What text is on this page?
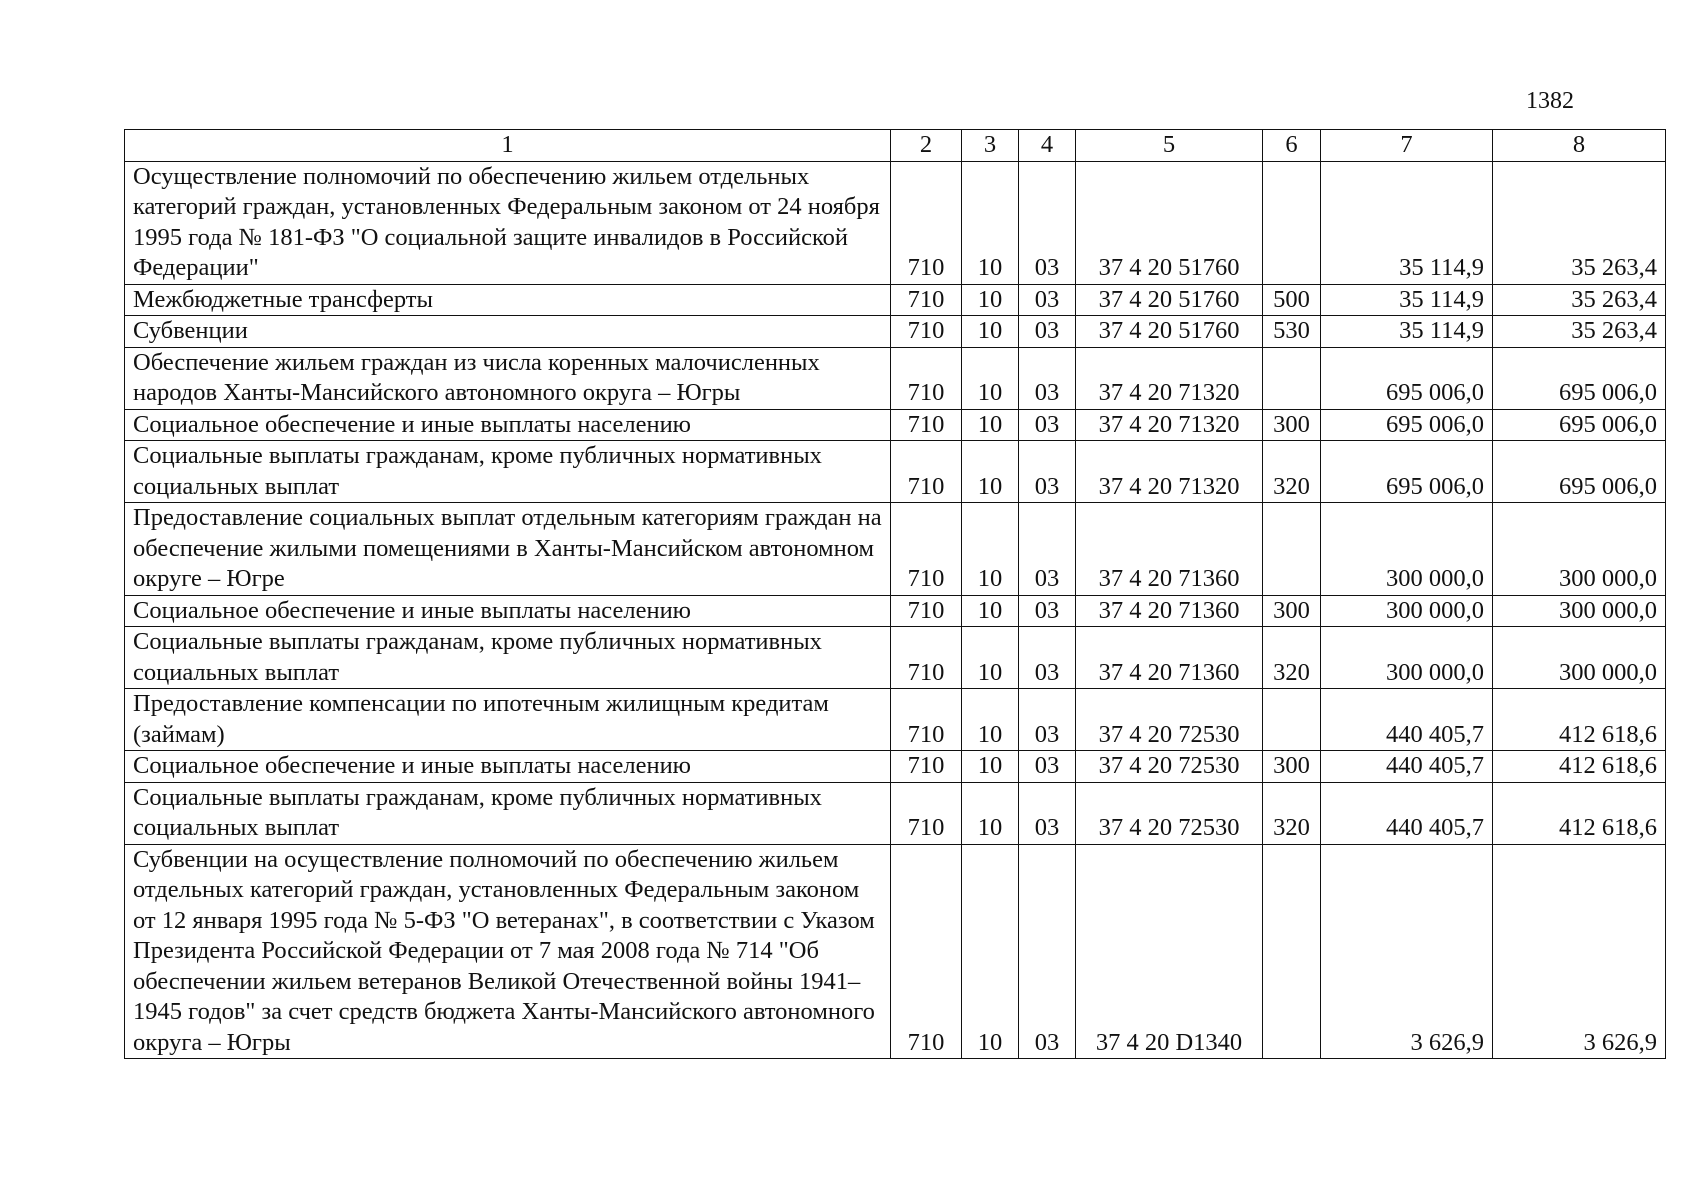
1382
1	2	3	4	5	6	7	8
Осуществление полномочий по обеспечению жильем отдельных категорий граждан, установленных Федеральным законом от 24 ноября 1995 года № 181-ФЗ "О социальной защите инвалидов в Российской Федерации"	710	10	03	37 4 20 51760		35 114,9	35 263,4
Межбюджетные трансферты	710	10	03	37 4 20 51760	500	35 114,9	35 263,4
Субвенции	710	10	03	37 4 20 51760	530	35 114,9	35 263,4
Обеспечение жильем граждан из числа коренных малочисленных народов Ханты-Мансийского автономного округа – Югры	710	10	03	37 4 20 71320		695 006,0	695 006,0
Социальное обеспечение и иные выплаты населению	710	10	03	37 4 20 71320	300	695 006,0	695 006,0
Социальные выплаты гражданам, кроме публичных нормативных социальных выплат	710	10	03	37 4 20 71320	320	695 006,0	695 006,0
Предоставление социальных выплат отдельным категориям граждан на обеспечение жилыми помещениями в Ханты-Мансийском автономном округе – Югре	710	10	03	37 4 20 71360		300 000,0	300 000,0
Социальное обеспечение и иные выплаты населению	710	10	03	37 4 20 71360	300	300 000,0	300 000,0
Социальные выплаты гражданам, кроме публичных нормативных социальных выплат	710	10	03	37 4 20 71360	320	300 000,0	300 000,0
Предоставление компенсации по ипотечным жилищным кредитам (займам)	710	10	03	37 4 20 72530		440 405,7	412 618,6
Социальное обеспечение и иные выплаты населению	710	10	03	37 4 20 72530	300	440 405,7	412 618,6
Социальные выплаты гражданам, кроме публичных нормативных социальных выплат	710	10	03	37 4 20 72530	320	440 405,7	412 618,6
Субвенции на осуществление полномочий по обеспечению жильем отдельных категорий граждан, установленных Федеральным законом от 12 января 1995 года № 5-ФЗ "О ветеранах", в соответствии с Указом Президента Российской Федерации от 7 мая 2008 года № 714 "Об обеспечении жильем ветеранов Великой Отечественной войны 1941–1945 годов" за счет средств бюджета Ханты-Мансийского автономного округа – Югры	710	10	03	37 4 20 D1340		3 626,9	3 626,9
